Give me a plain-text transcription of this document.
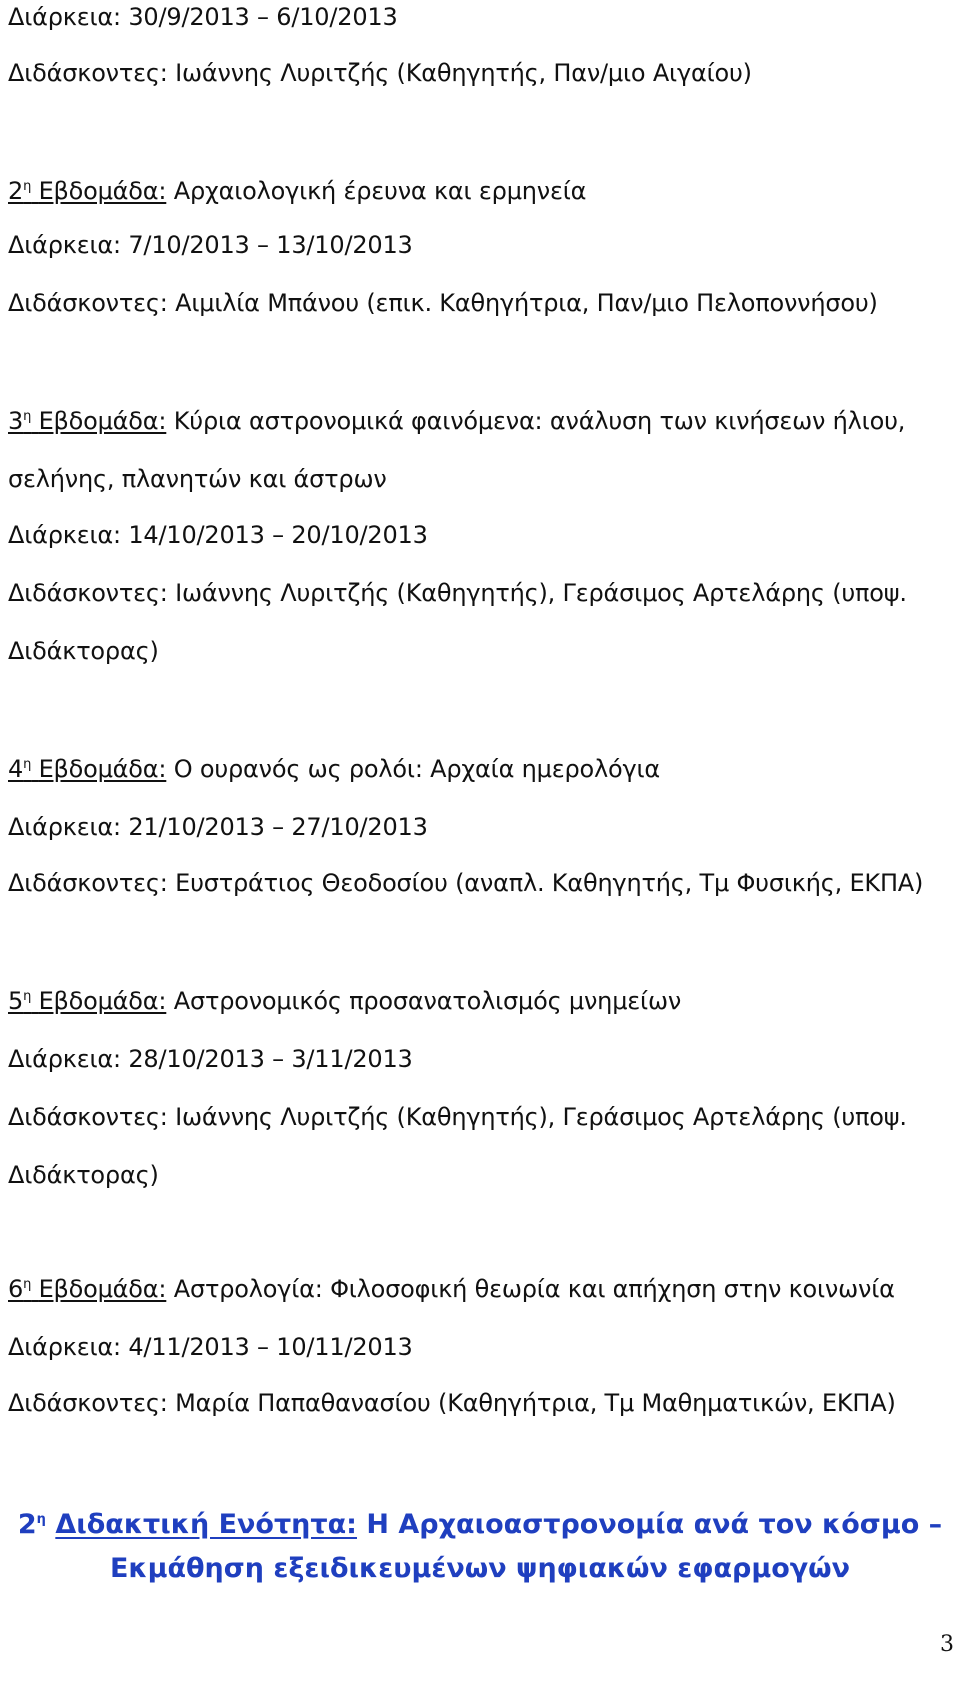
Διάρκεια: 30/9/2013 – 6/10/2013
Διδάσκοντες: Ιωάννης Λυριτζής (Καθηγητής, Παν/μιο Αιγαίου)
$2^\eta$ Εβδομάδα: Αρχαιολογική έρευνα και ερμηνεία
Διάρκεια: 7/10/2013 – 13/10/2013
Διδάσκοντες: Αιμιλία Μπάνου (επικ. Καθηγήτρια, Παν/μιο Πελοποννήσου)
$3^\eta$ Εβδομάδα: Κύρια αστρονομικά φαινόμενα: ανάλυση των κινήσεων ήλιου,
σελήνης, πλανητών και άστρων
Διάρκεια: 14/10/2013 – 20/10/2013
Διδάσκοντες: Ιωάννης Λυριτζής (Καθηγητής), Γεράσιμος Αρτελάρης (υποψ.
Διδάκτορας)
$4^\eta$ Εβδομάδα: Ο ουρανός ως ρολόι: Αρχαία ημερολόγια
Διάρκεια: 21/10/2013 – 27/10/2013
Διδάσκοντες: Ευστράτιος Θεοδοσίου (αναπλ. Καθηγητής, Τμ Φυσικής, ΕΚΠΑ)
$5^\eta$ Εβδομάδα: Αστρονομικός προσανατολισμός μνημείων
Διάρκεια: 28/10/2013 – 3/11/2013
Διδάσκοντες: Ιωάννης Λυριτζής (Καθηγητής), Γεράσιμος Αρτελάρης (υποψ.
Διδάκτορας)
$6^\eta$ Εβδομάδα: Αστρολογία: Φιλοσοφική θεωρία και απήχηση στην κοινωνία
Διάρκεια: 4/11/2013 – 10/11/2013
Διδάσκοντες: Μαρία Παπαθανασίου (Καθηγήτρια, Τμ Μαθηματικών, ΕΚΠΑ)
$2^\eta$ Διδακτική Ενότητα: Η Αρχαιοαστρονομία ανά τον κόσμο –
Εκμάθηση εξειδικευμένων ψηφιακών εφαρμογών
3
